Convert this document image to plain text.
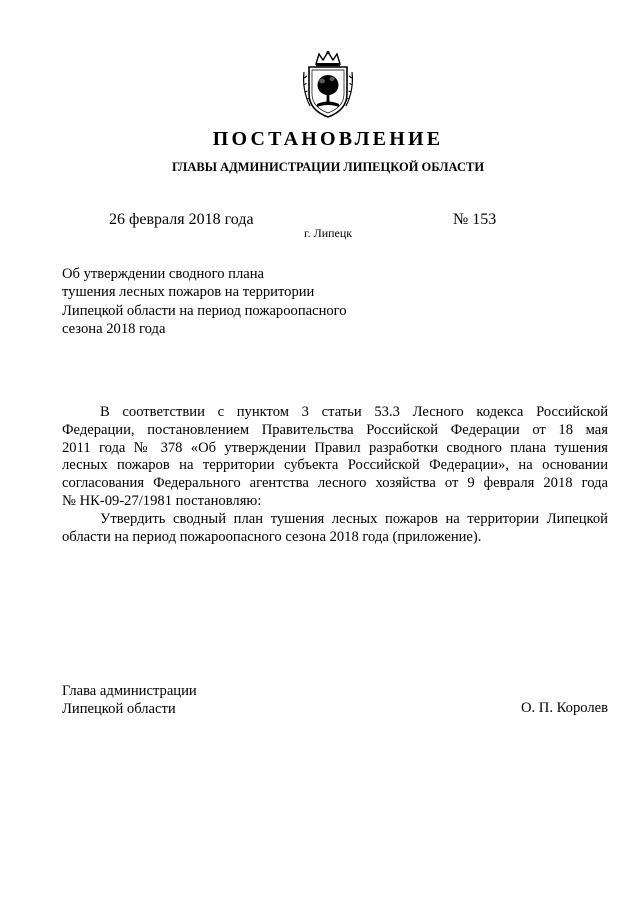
ПОСТАНОВЛЕНИЕ
ГЛАВЫ АДМИНИСТРАЦИИ ЛИПЕЦКОЙ ОБЛАСТИ
26 февраля 2018 года
г. Липецк
№ 153
Об утверждении сводного плана
тушения лесных пожаров на территории
Липецкой области на период пожароопасного
сезона 2018 года
В соответствии с пунктом 3 статьи 53.3 Лесного кодекса Российской
Федерации, постановлением Правительства Российской Федерации от 18 мая
2011 года № 378 «Об утверждении Правил разработки сводного плана тушения
лесных пожаров на территории субъекта Российской Федерации», на основании
согласования Федерального агентства лесного хозяйства от 9 февраля 2018 года
№ НК-09-27/1981 постановляю:
Утвердить сводный план тушения лесных пожаров на территории Липецкой
области на период пожароопасного сезона 2018 года (приложение).
Глава администрации
Липецкой области	О. П. Королев
